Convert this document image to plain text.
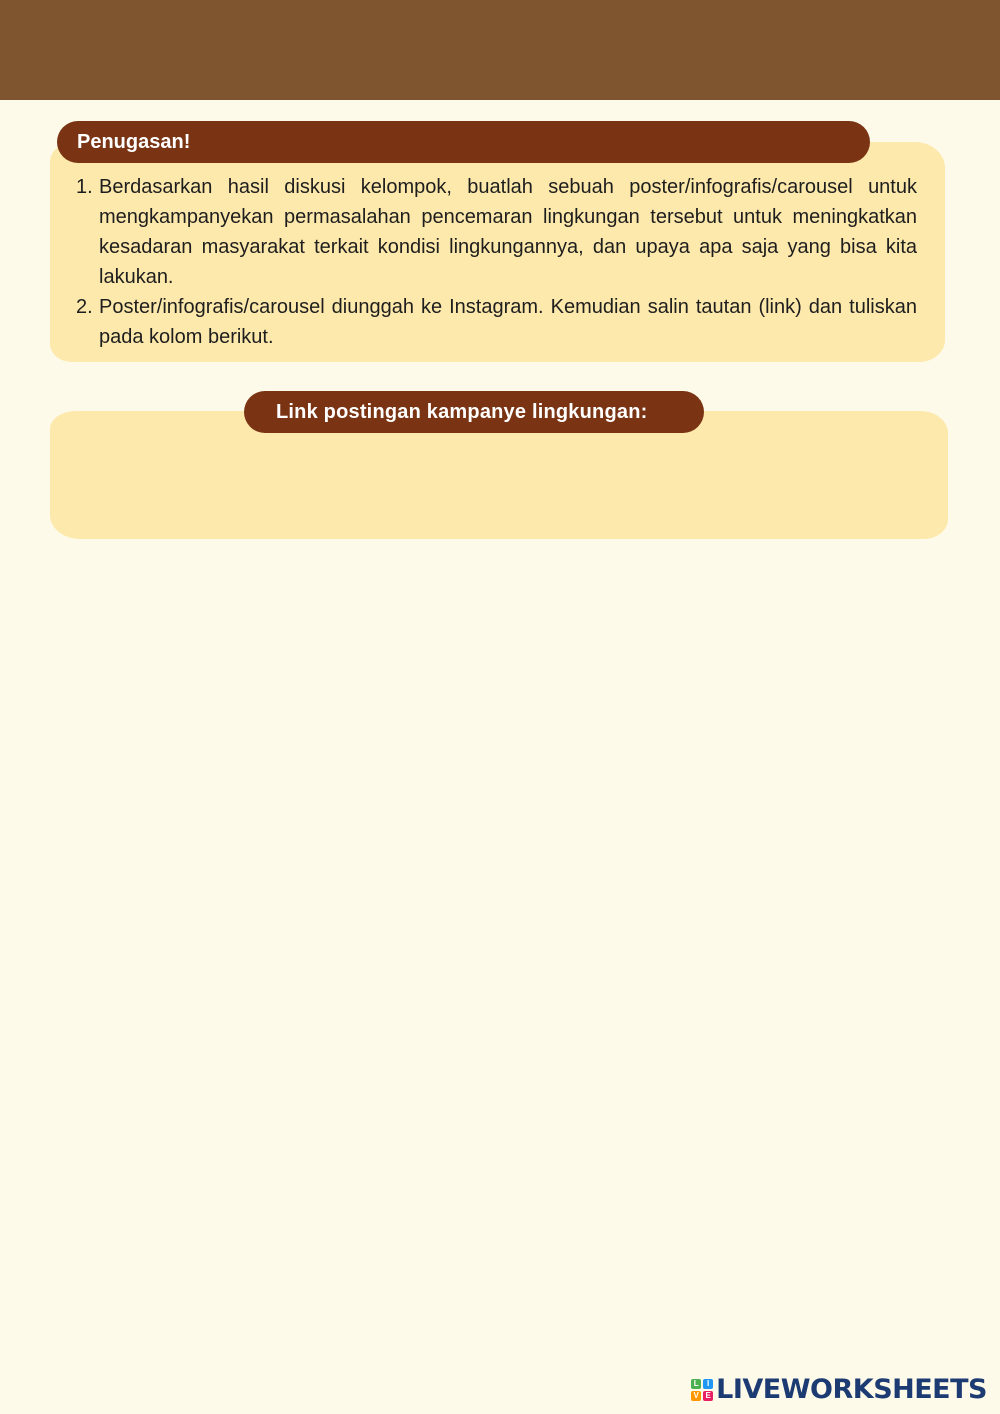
Penugasan!
1. Berdasarkan hasil diskusi kelompok, buatlah sebuah poster/infografis/carousel untuk mengkampanyekan permasalahan pencemaran lingkungan tersebut untuk meningkatkan kesadaran masyarakat terkait kondisi lingkungannya, dan upaya apa saja yang bisa kita lakukan.
2. Poster/infografis/carousel diunggah ke Instagram. Kemudian salin tautan (link) dan tuliskan pada kolom berikut.
Link postingan kampanye lingkungan:
L	I
V E LIVEWORKSHEETS
